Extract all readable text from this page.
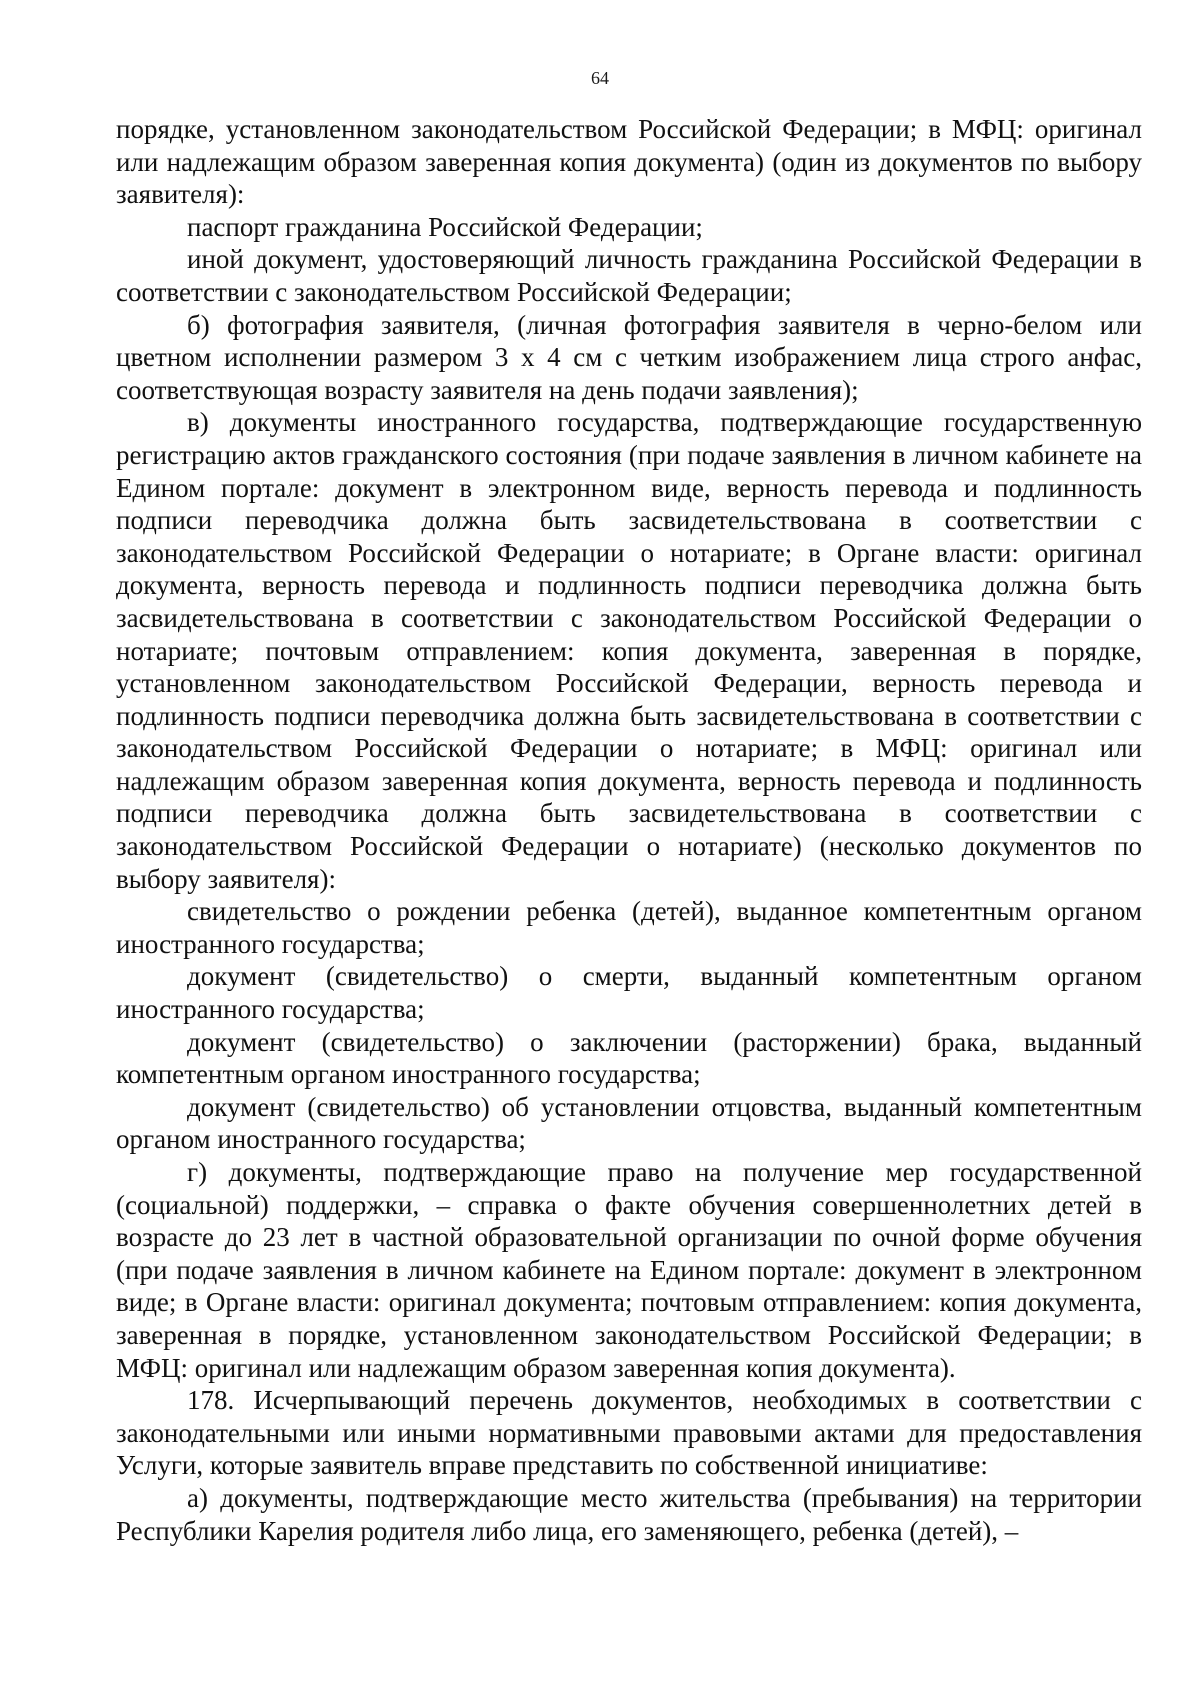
64

порядке, установленном законодательством Российской Федерации; в МФЦ: оригинал или надлежащим образом заверенная копия документа) (один из документов по выбору заявителя):

паспорт гражданина Российской Федерации;

иной документ, удостоверяющий личность гражданина Российской Федерации в соответствии с законодательством Российской Федерации;

б) фотография заявителя, (личная фотография заявителя в черно-белом или цветном исполнении размером 3 х 4 см с четким изображением лица строго анфас, соответствующая возрасту заявителя на день подачи заявления);

в) документы иностранного государства, подтверждающие государственную регистрацию актов гражданского состояния (при подаче заявления в личном кабинете на Едином портале: документ в электронном виде, верность перевода и подлинность подписи переводчика должна быть засвидетельствована в соответствии с законодательством Российской Федерации о нотариате; в Органе власти: оригинал документа, верность перевода и подлинность подписи переводчика должна быть засвидетельствована в соответствии с законодательством Российской Федерации о нотариате; почтовым отправлением: копия документа, заверенная в порядке, установленном законодательством Российской Федерации, верность перевода и подлинность подписи переводчика должна быть засвидетельствована в соответствии с законодательством Российской Федерации о нотариате; в МФЦ: оригинал или надлежащим образом заверенная копия документа, верность перевода и подлинность подписи переводчика должна быть засвидетельствована в соответствии с законодательством Российской Федерации о нотариате) (несколько документов по выбору заявителя):

свидетельство о рождении ребенка (детей), выданное компетентным органом иностранного государства;

документ (свидетельство) о смерти, выданный компетентным органом иностранного государства;

документ (свидетельство) о заключении (расторжении) брака, выданный компетентным органом иностранного государства;

документ (свидетельство) об установлении отцовства, выданный компетентным органом иностранного государства;

г) документы, подтверждающие право на получение мер государственной (социальной) поддержки, – справка о факте обучения совершеннолетних детей в возрасте до 23 лет в частной образовательной организации по очной форме обучения (при подаче заявления в личном кабинете на Едином портале: документ в электронном виде; в Органе власти: оригинал документа; почтовым отправлением: копия документа, заверенная в порядке, установленном законодательством Российской Федерации; в МФЦ: оригинал или надлежащим образом заверенная копия документа).

178. Исчерпывающий перечень документов, необходимых в соответствии с законодательными или иными нормативными правовыми актами для предоставления Услуги, которые заявитель вправе представить по собственной инициативе:

а) документы, подтверждающие место жительства (пребывания) на территории Республики Карелия родителя либо лица, его заменяющего, ребенка (детей), –
